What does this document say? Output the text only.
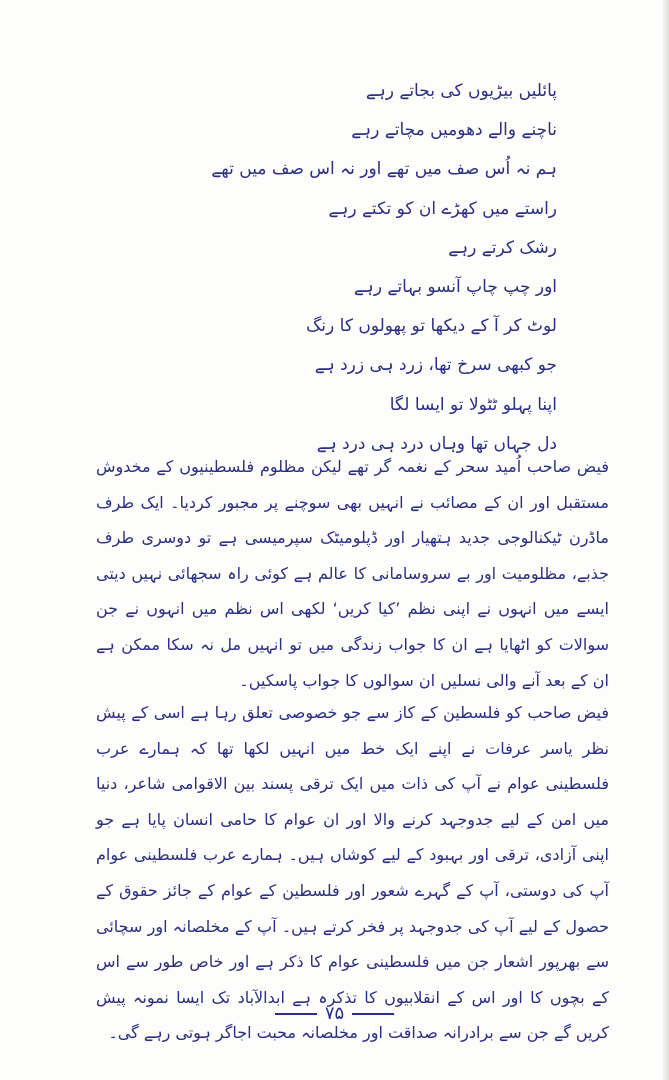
پائلیں بیڑیوں کی بجاتے رہے
ناچنے والے دھومیں مچاتے رہے
ہم نہ اُس صف میں تھے اور نہ اس صف میں تھے
راستے میں کھڑے ان کو تکتے رہے
رشک کرتے رہے
اور چپ چاپ آنسو بہاتے رہے
لوٹ کر آ کے دیکھا تو پھولوں کا رنگ
جو کبھی سرخ تھا، زرد ہی زرد ہے
اپنا پہلو ٹٹولا تو ایسا لگا
دل جہاں تھا وہاں درد ہی درد ہے

فیض صاحب اُمید سحر کے نغمہ گر تھے لیکن مظلوم فلسطینیوں کے مخدوش مستقبل اور ان کے مصائب نے انہیں بھی سوچنے پر مجبور کردیا۔ ایک طرف ماڈرن ٹیکنالوجی جدید ہتھیار اور ڈپلومیٹک سپرمیسی ہے تو دوسری طرف جذبے، مظلومیت اور بے سروسامانی کا عالم ہے کوئی راہ سجھائی نہیں دیتی ایسے میں انہوں نے اپنی نظم ’کیا کریں‘ لکھی اس نظم میں انہوں نے جن سوالات کو اٹھایا ہے ان کا جواب زندگی میں تو انہیں مل نہ سکا ممکن ہے ان کے بعد آنے والی نسلیں ان سوالوں کا جواب پاسکیں۔

فیض صاحب کو فلسطین کے کاز سے جو خصوصی تعلق رہا ہے اسی کے پیش نظر یاسر عرفات نے اپنے ایک خط میں انہیں لکھا تھا کہ ہمارے عرب فلسطینی عوام نے آپ کی ذات میں ایک ترقی پسند بین الاقوامی شاعر، دنیا میں امن کے لیے جدوجہد کرنے والا اور ان عوام کا حامی انسان پایا ہے جو اپنی آزادی، ترقی اور بہبود کے لیے کوشاں ہیں۔ ہمارے عرب فلسطینی عوام آپ کی دوستی، آپ کے گہرے شعور اور فلسطین کے عوام کے جائز حقوق کے حصول کے لیے آپ کی جدوجہد پر فخر کرتے ہیں۔ آپ کے مخلصانہ اور سچائی سے بھرپور اشعار جن میں فلسطینی عوام کا ذکر ہے اور خاص طور سے اس کے بچوں کا اور اس کے انقلابیوں کا تذکرہ ہے ابدالآباد تک ایسا نمونہ پیش کریں گے جن سے برادرانہ صداقت اور مخلصانہ محبت اجاگر ہوتی رہے گی۔

۷۵
